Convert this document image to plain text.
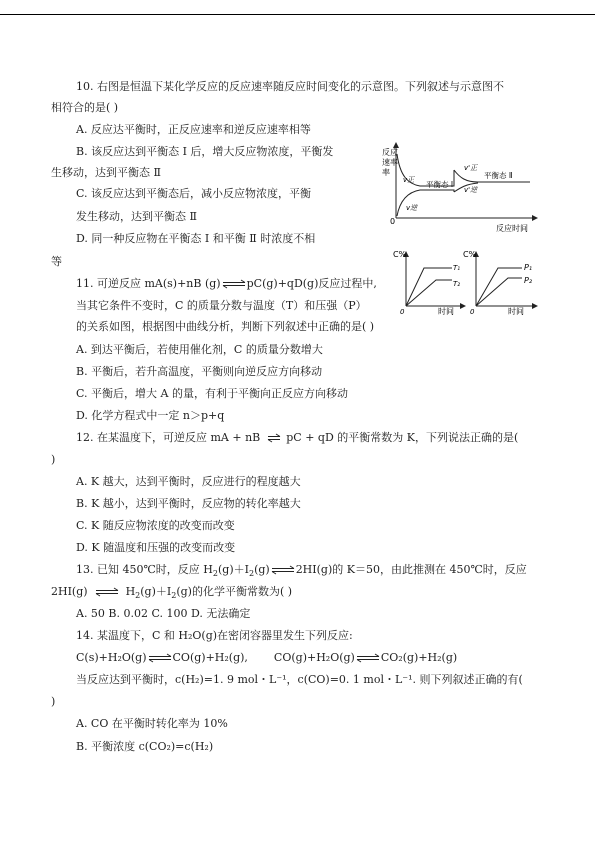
10. 右图是恒温下某化学反应的反应速率随反应时间变化的示意图。下列叙述与示意图不
相符合的是( )
A. 反应达平衡时，正反应速率和逆反应速率相等
B. 该反应达到平衡态 Ⅰ 后，增大反应物浓度，平衡发
生移动，达到平衡态 Ⅱ
C. 该反应达到平衡态后，减小反应物浓度，平衡
发生移动，达到平衡态 Ⅱ
D. 同一种反应物在平衡态 Ⅰ 和平衡 Ⅱ 时浓度不相
等
反应
速率
率
0
反应时间
v正
v逆
平衡态 Ⅰ
平衡态 Ⅱ
v'正
v'逆
11. 可逆反应 mA(s)+nB (g)⇌pC(g)+qD(g)反应过程中,
当其它条件不变时，C 的质量分数与温度（T）和压强（P）
的关系如图，根据图中曲线分析，判断下列叙述中正确的是( )
A. 到达平衡后，若使用催化剂，C 的质量分数增大
B. 平衡后，若升高温度，平衡则向逆反应方向移动
C. 平衡后，增大 A 的量，有利于平衡向正反应方向移动
D. 化学方程式中一定 n＞p+q
C%
0	时间
T₁
T₂
C%
0	时间
P₁
P₂
12. 在某温度下，可逆反应 mA + nB pC + qD 的平衡常数为 K，下列说法正确的是(
)
A. K 越大，达到平衡时，反应进行的程度越大
B. K 越小，达到平衡时，反应物的转化率越大
C. K 随反应物浓度的改变而改变
D. K 随温度和压强的改变而改变
13. 已知 450℃时，反应 $H_2(g)+I_2(g)\rightleftharpoons 2HI(g)$的 K＝50，由此推测在 450℃时，反应
2HI(g) ⇌ $H_2(g)+I_2(g)$的化学平衡常数为( )
A. 50 B. 0.02 C. 100 D. 无法确定
14. 某温度下，C 和 H₂O(g)在密闭容器里发生下列反应:
C(s)+H₂O(g)⇌CO(g)+H₂(g), CO(g)+H₂O(g)⇌CO₂(g)+H₂(g)
当反应达到平衡时，c(H₂)=1. 9 mol・L⁻¹，c(CO)=0. 1 mol・L⁻¹. 则下列叙述正确的有(
)
A. CO 在平衡时转化率为 10%
B. 平衡浓度 c(CO₂)=c(H₂)
